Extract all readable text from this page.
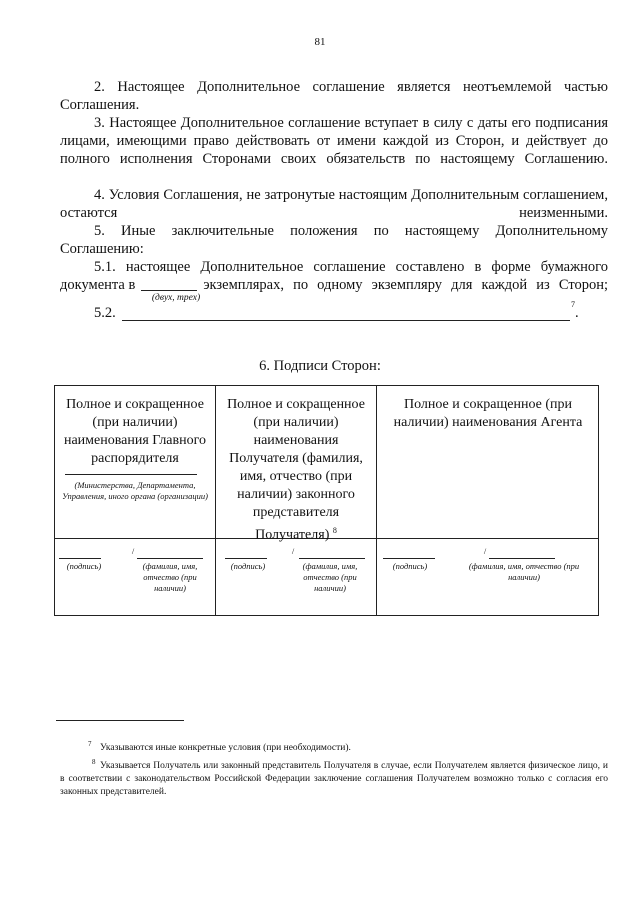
81
2. Настоящее Дополнительное соглашение является неотъемлемой частью Соглашения.
3. Настоящее Дополнительное соглашение вступает в силу с даты его подписания лицами, имеющими право действовать от имени каждой из Сторон, и действует до полного исполнения Сторонами своих обязательств по настоящему Соглашению.
4. Условия Соглашения, не затронутые настоящим Дополнительным соглашением, остаются неизменными.
5. Иные заключительные положения по настоящему Дополнительному Соглашению:
5.1. настоящее Дополнительное соглашение составлено в форме бумажного
документа в	экземплярах, по одному экземпляру для каждой из Сторон;
(двух, трех)
5.2.
7
.
6. Подписи Сторон:
Полное и сокращенное (при наличии) наименования Главного распорядителя
(Министерства, Департамента, Управления, иного органа (организации)
Полное и сокращенное (при наличии) наименования Получателя (фамилия, имя, отчество (при наличии) законного представителя Получателя) $^8$
Полное и сокращенное (при наличии) наименования Агента
(подпись)
/
(фамилия, имя, отчество (при наличии)
(подпись)
/
(фамилия, имя, отчество (при наличии)
(подпись)
/
(фамилия, имя, отчество (при наличии)
7 Указываются иные конкретные условия (при необходимости).
8 Указывается Получатель или законный представитель Получателя в случае, если Получателем является физическое лицо, и в соответствии с законодательством Российской Федерации заключение соглашения Получателем возможно только с согласия его законных представителей.
